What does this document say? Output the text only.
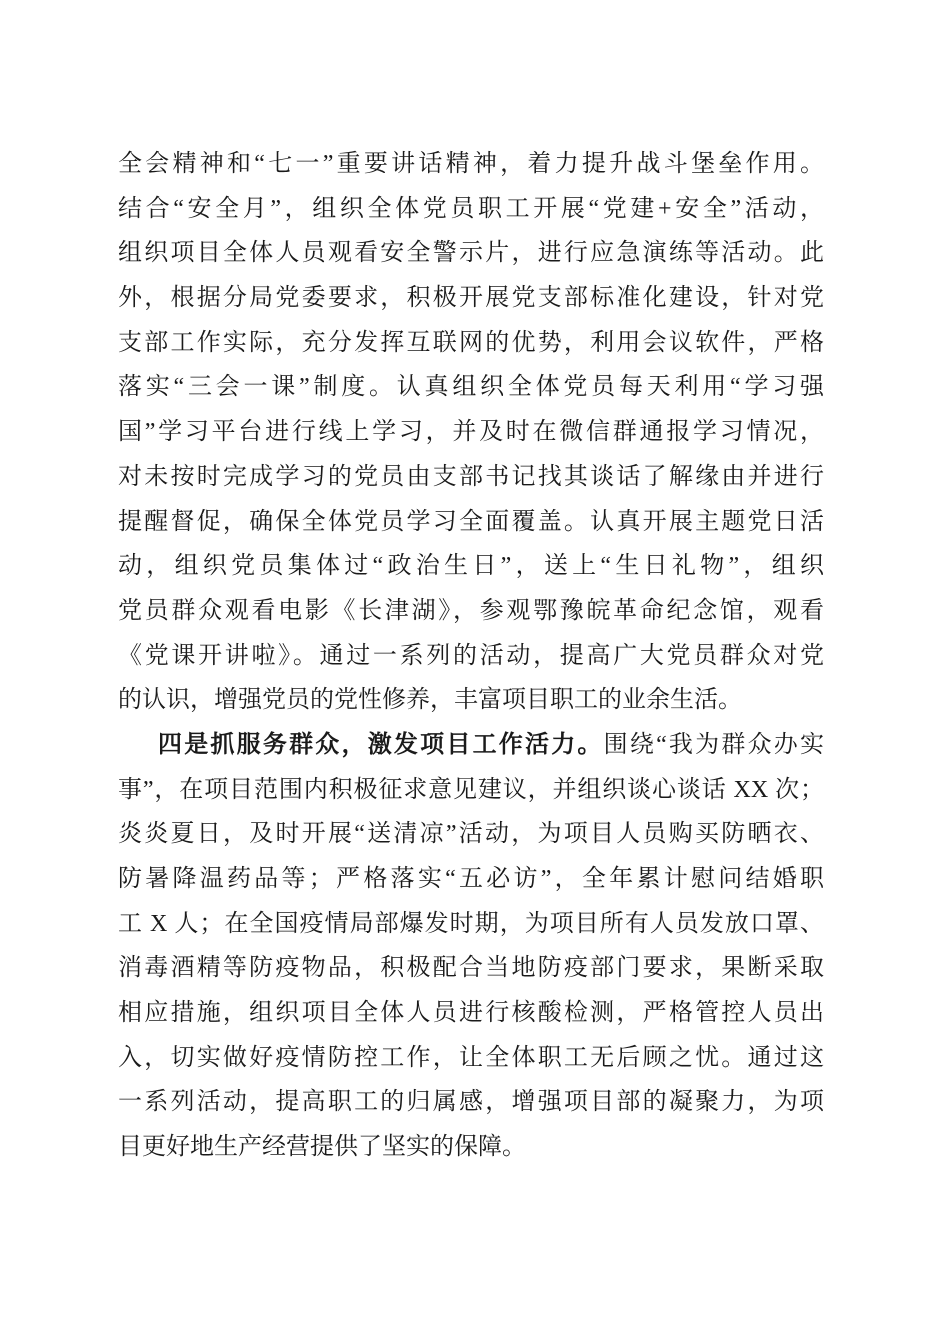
全会精神和“七一”重要讲话精神，着力提升战斗堡垒作用。
结合“安全月”，组织全体党员职工开展“党建+安全”活动，
组织项目全体人员观看安全警示片，进行应急演练等活动。此
外，根据分局党委要求，积极开展党支部标准化建设，针对党
支部工作实际，充分发挥互联网的优势，利用会议软件，严格
落实“三会一课”制度。认真组织全体党员每天利用“学习强
国”学习平台进行线上学习，并及时在微信群通报学习情况，
对未按时完成学习的党员由支部书记找其谈话了解缘由并进行
提醒督促，确保全体党员学习全面覆盖。认真开展主题党日活
动，组织党员集体过“政治生日”，送上“生日礼物”，组织
党员群众观看电影《长津湖》，参观鄂豫皖革命纪念馆，观看
《党课开讲啦》。通过一系列的活动，提高广大党员群众对党
的认识，增强党员的党性修养，丰富项目职工的业余生活。
四是抓服务群众，激发项目工作活力。围绕“我为群众办实
事”，在项目范围内积极征求意见建议，并组织谈心谈话 XX 次；
炎炎夏日，及时开展“送清凉”活动，为项目人员购买防晒衣、
防暑降温药品等；严格落实“五必访”，全年累计慰问结婚职
工 X 人；在全国疫情局部爆发时期，为项目所有人员发放口罩、
消毒酒精等防疫物品，积极配合当地防疫部门要求，果断采取
相应措施，组织项目全体人员进行核酸检测，严格管控人员出
入，切实做好疫情防控工作，让全体职工无后顾之忧。通过这
一系列活动，提高职工的归属感，增强项目部的凝聚力，为项
目更好地生产经营提供了坚实的保障。
